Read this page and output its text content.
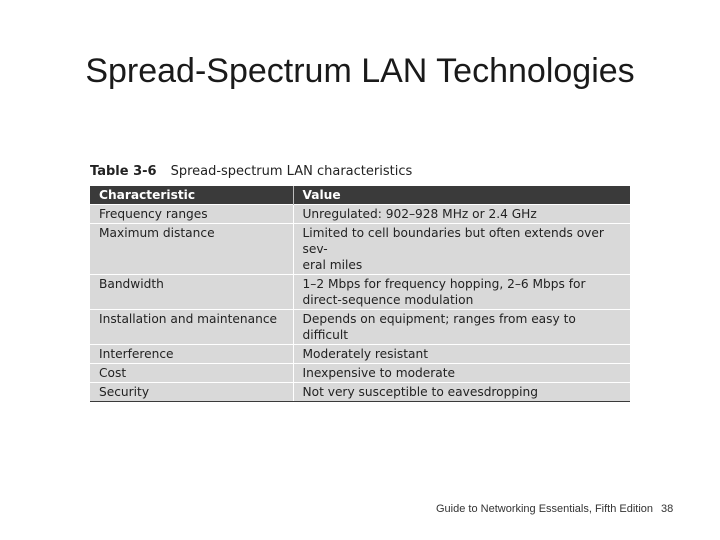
Spread-Spectrum LAN Technologies
Table 3-6 Spread-spectrum LAN characteristics
Characteristic	Value
Frequency ranges	Unregulated: 902–928 MHz or 2.4 GHz
Maximum distance	Limited to cell boundaries but often extends over sev-
eral miles
Bandwidth	1–2 Mbps for frequency hopping, 2–6 Mbps for
direct-sequence modulation
Installation and maintenance	Depends on equipment; ranges from easy to difficult
Interference	Moderately resistant
Cost	Inexpensive to moderate
Security	Not very susceptible to eavesdropping
Guide to Networking Essentials, Fifth Edition 38
